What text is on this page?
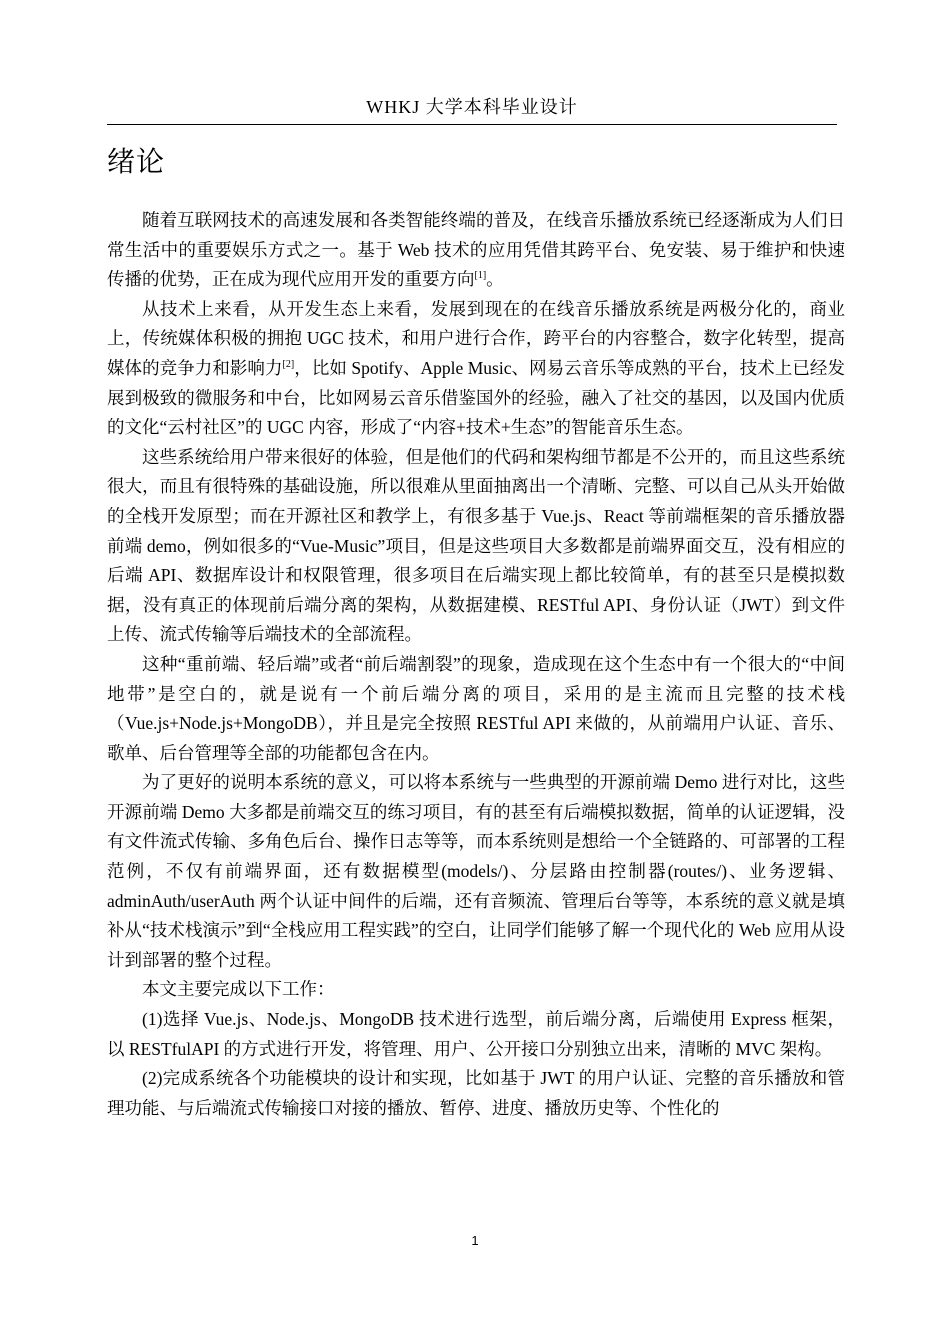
WHKJ 大学本科毕业设计
绪论

随着互联网技术的高速发展和各类智能终端的普及，在线音乐播放系统已经逐渐成为人们日常生活中的重要娱乐方式之一。基于 Web 技术的应用凭借其跨平台、免安装、易于维护和快速传播的优势，正在成为现代应用开发的重要方向[1]。

从技术上来看，从开发生态上来看，发展到现在的在线音乐播放系统是两极分化的，商业上，传统媒体积极的拥抱 UGC 技术，和用户进行合作，跨平台的内容整合，数字化转型，提高媒体的竞争力和影响力[2]，比如 Spotify、Apple Music、网易云音乐等成熟的平台，技术上已经发展到极致的微服务和中台，比如网易云音乐借鉴国外的经验，融入了社交的基因，以及国内优质的文化“云村社区”的 UGC 内容，形成了“内容+技术+生态”的智能音乐生态。

这些系统给用户带来很好的体验，但是他们的代码和架构细节都是不公开的，而且这些系统很大，而且有很特殊的基础设施，所以很难从里面抽离出一个清晰、完整、可以自己从头开始做的全栈开发原型；而在开源社区和教学上，有很多基于 Vue.js、React 等前端框架的音乐播放器前端 demo，例如很多的“Vue-Music”项目，但是这些项目大多数都是前端界面交互，没有相应的后端 API、数据库设计和权限管理，很多项目在后端实现上都比较简单，有的甚至只是模拟数据，没有真正的体现前后端分离的架构，从数据建模、RESTful API、身份认证（JWT）到文件上传、流式传输等后端技术的全部流程。

这种“重前端、轻后端”或者“前后端割裂”的现象，造成现在这个生态中有一个很大的“中间地带”是空白的，就是说有一个前后端分离的项目，采用的是主流而且完整的技术栈（Vue.js+Node.js+MongoDB），并且是完全按照 RESTful API 来做的，从前端用户认证、音乐、歌单、后台管理等全部的功能都包含在内。

为了更好的说明本系统的意义，可以将本系统与一些典型的开源前端 Demo 进行对比，这些开源前端 Demo 大多都是前端交互的练习项目，有的甚至有后端模拟数据，简单的认证逻辑，没有文件流式传输、多角色后台、操作日志等等，而本系统则是想给一个全链路的、可部署的工程范例，不仅有前端界面，还有数据模型(models/)、分层路由控制器(routes/)、业务逻辑、adminAuth/userAuth 两个认证中间件的后端，还有音频流、管理后台等等，本系统的意义就是填补从“技术栈演示”到“全栈应用工程实践”的空白，让同学们能够了解一个现代化的 Web 应用从设计到部署的整个过程。

本文主要完成以下工作：

(1)选择 Vue.js、Node.js、MongoDB 技术进行选型，前后端分离，后端使用 Express 框架，以 RESTfulAPI 的方式进行开发，将管理、用户、公开接口分别独立出来，清晰的 MVC 架构。

(2)完成系统各个功能模块的设计和实现，比如基于 JWT 的用户认证、完整的音乐播放和管理功能、与后端流式传输接口对接的播放、暂停、进度、播放历史等、个性化的

1
